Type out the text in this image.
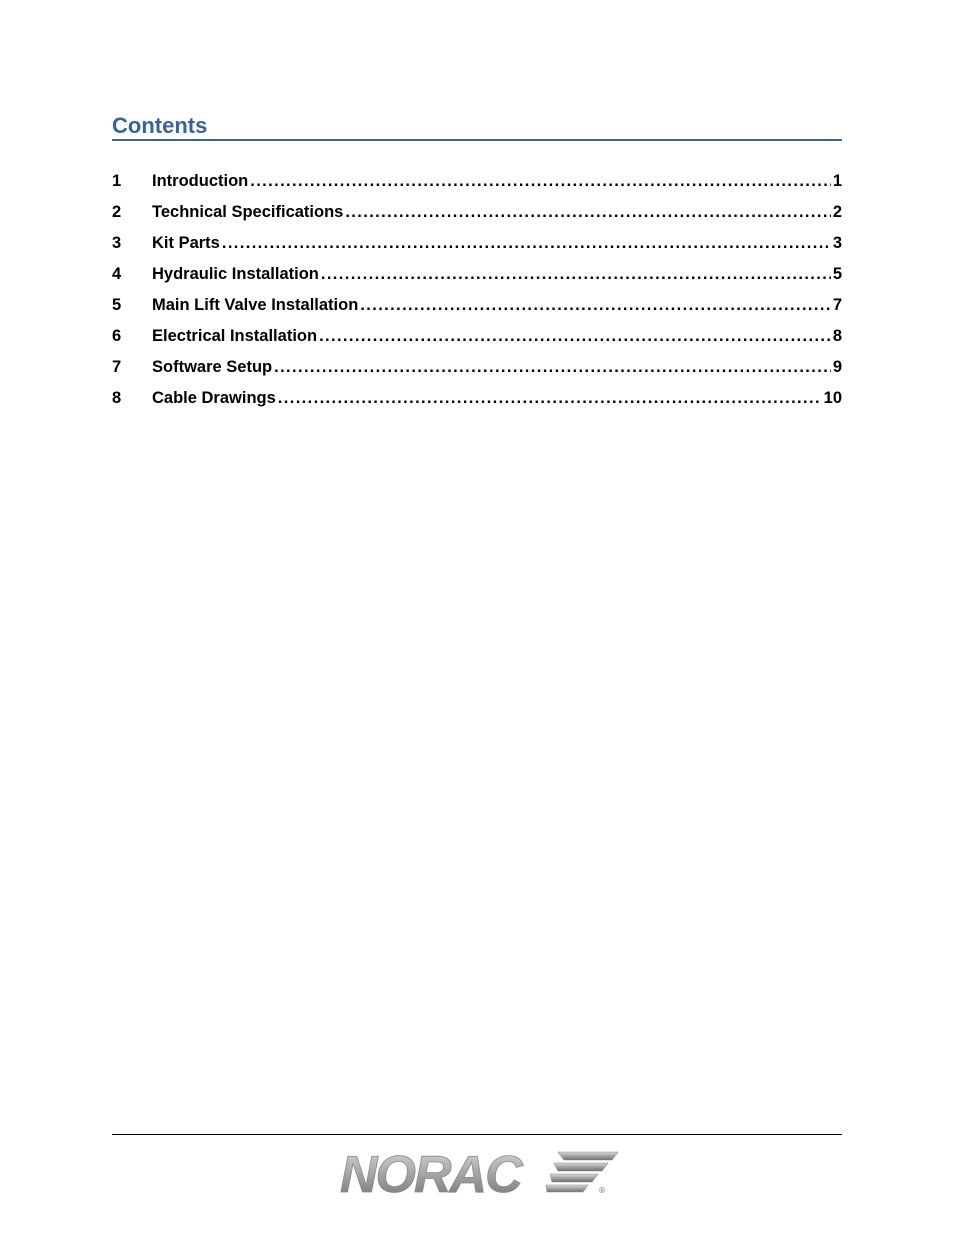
Contents
1	Introduction . . .	1
2	Technical Specifications . . .	2
3	Kit Parts . . .	3
4	Hydraulic Installation . . .	5
5	Main Lift Valve Installation . . .	7
6	Electrical Installation . . .	8
7	Software Setup . . .	9
8	Cable Drawings . . .	10
NORAC	®
